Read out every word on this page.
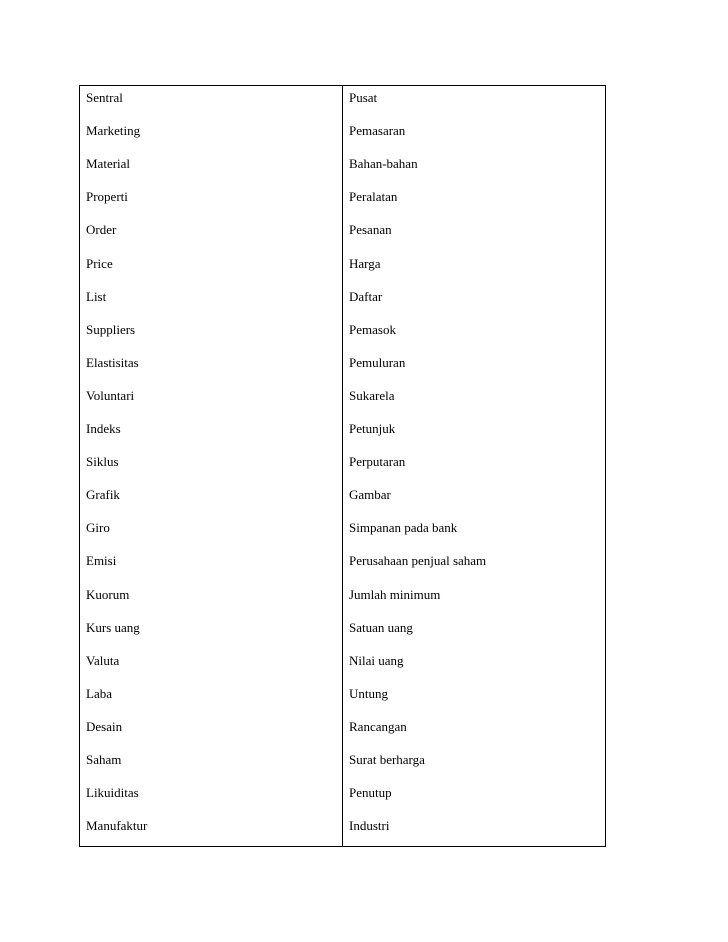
Sentral	Pusat
Marketing	Pemasaran
Material	Bahan-bahan
Properti	Peralatan
Order	Pesanan
Price	Harga
List	Daftar
Suppliers	Pemasok
Elastisitas	Pemuluran
Voluntari	Sukarela
Indeks	Petunjuk
Siklus	Perputaran
Grafik	Gambar
Giro	Simpanan pada bank
Emisi	Perusahaan penjual saham
Kuorum	Jumlah minimum
Kurs uang	Satuan uang
Valuta	Nilai uang
Laba	Untung
Desain	Rancangan
Saham	Surat berharga
Likuiditas	Penutup
Manufaktur	Industri
